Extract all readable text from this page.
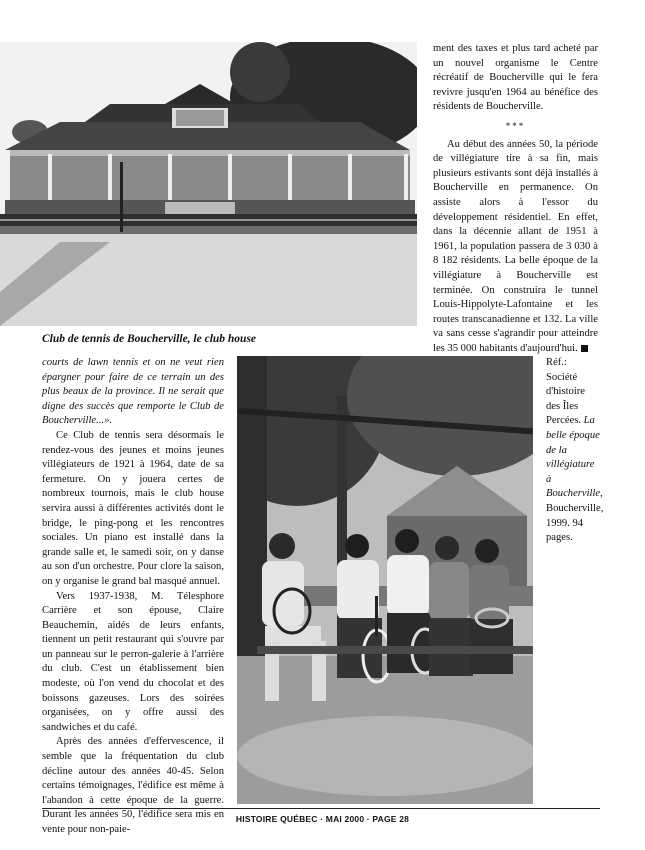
ment des taxes et plus tard acheté par un nouvel organisme le Centre récréatif de Boucherville qui le fera revivre jusqu'en 1964 au bénéfice des résidents de Boucherville.

***

Au début des années 50, la période de villégiature tire à sa fin, mais plusieurs estivants sont déjà installés à Boucherville en permanence. On assiste alors à l'essor du développement résidentiel. En effet, dans la décennie allant de 1951 à 1961, la population passera de 3 030 à 8 182 résidents. La belle époque de la villégiature à Boucherville est terminée. On construira le tunnel Louis-Hippolyte-Lafontaine et les routes transcanadienne et 132. La ville va sans cesse s'agrandir pour atteindre les 35 000 habitants d'aujourd'hui.

Club de tennis de Boucherville, le club house

courts de lawn tennis et on ne veut rien épargner pour faire de ce terrain un des plus beaux de la province. Il ne serait que digne des succès que remporte le Club de Boucherville...».

Ce Club de tennis sera désormais le rendez-vous des jeunes et moins jeunes villégiateurs de 1921 à 1964, date de sa fermeture. On y jouera certes de nombreux tournois, mais le club house servira aussi à différentes activités dont le bridge, le ping-pong et les rencontres sociales. Un piano est installé dans la grande salle et, le samedi soir, on y danse au son d'un orchestre. Pour clore la saison, on y organise le grand bal masqué annuel.

Vers 1937-1938, M. Télesphore Carrière et son épouse, Claire Beauchemin, aidés de leurs enfants, tiennent un petit restaurant qui s'ouvre par un panneau sur le perron-galerie à l'arrière du club. C'est un établissement bien modeste, où l'on vend du chocolat et des boissons gazeuses. Lors des soirées organisées, on y offre aussi des sandwiches et du café.

Après des années d'effervescence, il semble que la fréquentation du club décline autour des années 40-45. Selon certains témoignages, l'édifice est même à l'abandon à cette époque de la guerre. Durant les années 50, l'édifice sera mis en vente pour non-paie-

Réf.: Société d'histoire des Îles Percées. La belle époque de la villégiature à Boucherville, Boucherville, 1999. 94 pages.

HISTOIRE QUÉBEC · MAI 2000 · PAGE 28
